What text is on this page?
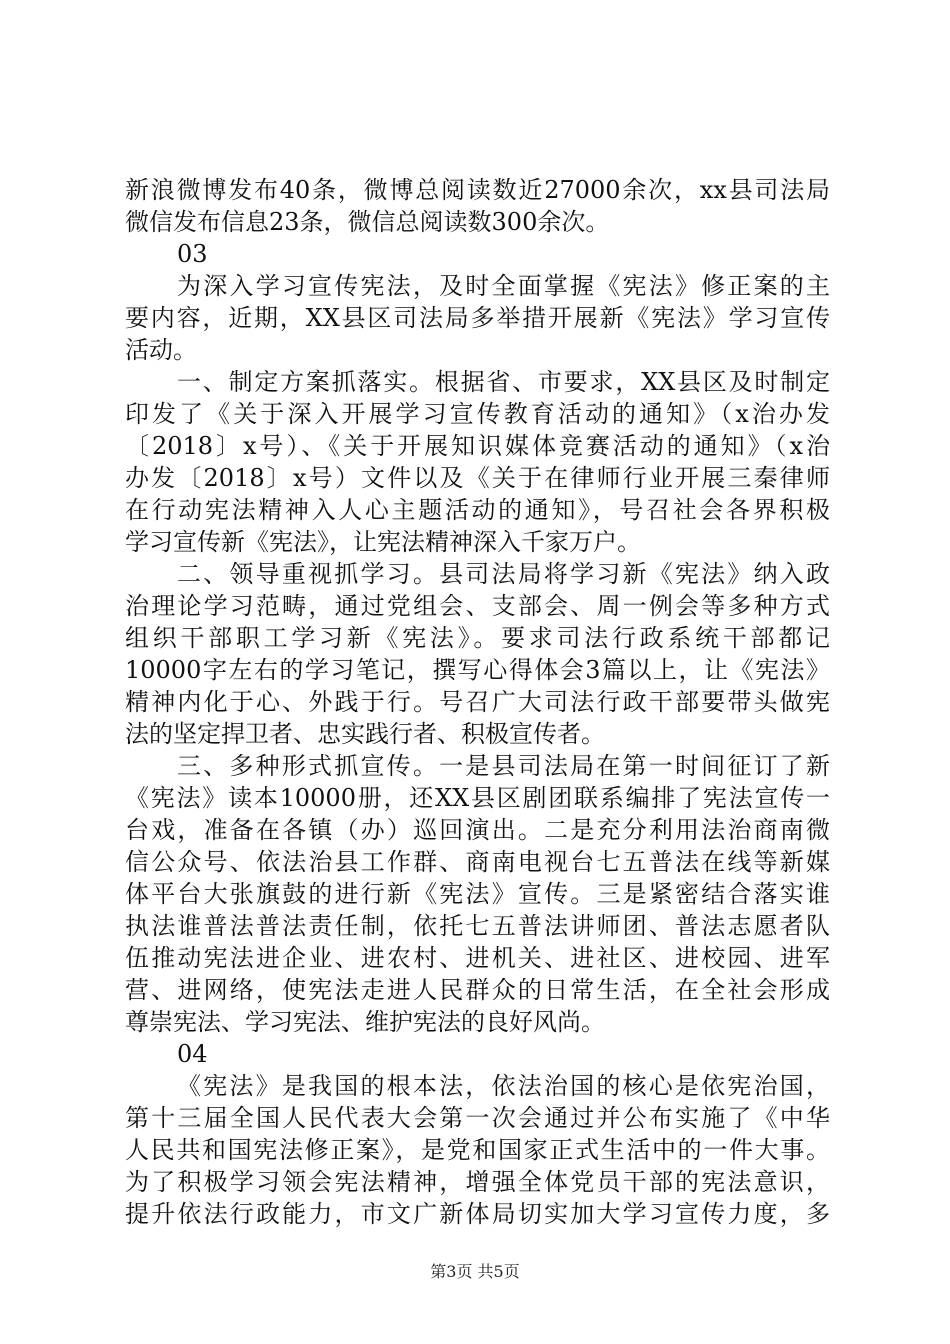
新浪微博发布40条，微博总阅读数近27000余次，xx县司法局
微信发布信息23条，微信总阅读数300余次。
03
为深入学习宣传宪法，及时全面掌握《宪法》修正案的主
要内容，近期，XX县区司法局多举措开展新《宪法》学习宣传
活动。
一、制定方案抓落实。根据省、市要求，XX县区及时制定
印发了《关于深入开展学习宣传教育活动的通知》（x治办发
〔2018〕x号）、《关于开展知识媒体竞赛活动的通知》（x治
办发〔2018〕x号）文件以及《关于在律师行业开展三秦律师
在行动宪法精神入人心主题活动的通知》，号召社会各界积极
学习宣传新《宪法》，让宪法精神深入千家万户。
二、领导重视抓学习。县司法局将学习新《宪法》纳入政
治理论学习范畴，通过党组会、支部会、周一例会等多种方式
组织干部职工学习新《宪法》。要求司法行政系统干部都记
10000字左右的学习笔记，撰写心得体会3篇以上，让《宪法》
精神内化于心、外践于行。号召广大司法行政干部要带头做宪
法的坚定捍卫者、忠实践行者、积极宣传者。
三、多种形式抓宣传。一是县司法局在第一时间征订了新
《宪法》读本10000册，还XX县区剧团联系编排了宪法宣传一
台戏，准备在各镇（办）巡回演出。二是充分利用法治商南微
信公众号、依法治县工作群、商南电视台七五普法在线等新媒
体平台大张旗鼓的进行新《宪法》宣传。三是紧密结合落实谁
执法谁普法普法责任制，依托七五普法讲师团、普法志愿者队
伍推动宪法进企业、进农村、进机关、进社区、进校园、进军
营、进网络，使宪法走进人民群众的日常生活，在全社会形成
尊崇宪法、学习宪法、维护宪法的良好风尚。
04
《宪法》是我国的根本法，依法治国的核心是依宪治国，
第十三届全国人民代表大会第一次会通过并公布实施了《中华
人民共和国宪法修正案》，是党和国家正式生活中的一件大事。
为了积极学习领会宪法精神，增强全体党员干部的宪法意识，
提升依法行政能力，市文广新体局切实加大学习宣传力度，多
第3页 共5页
